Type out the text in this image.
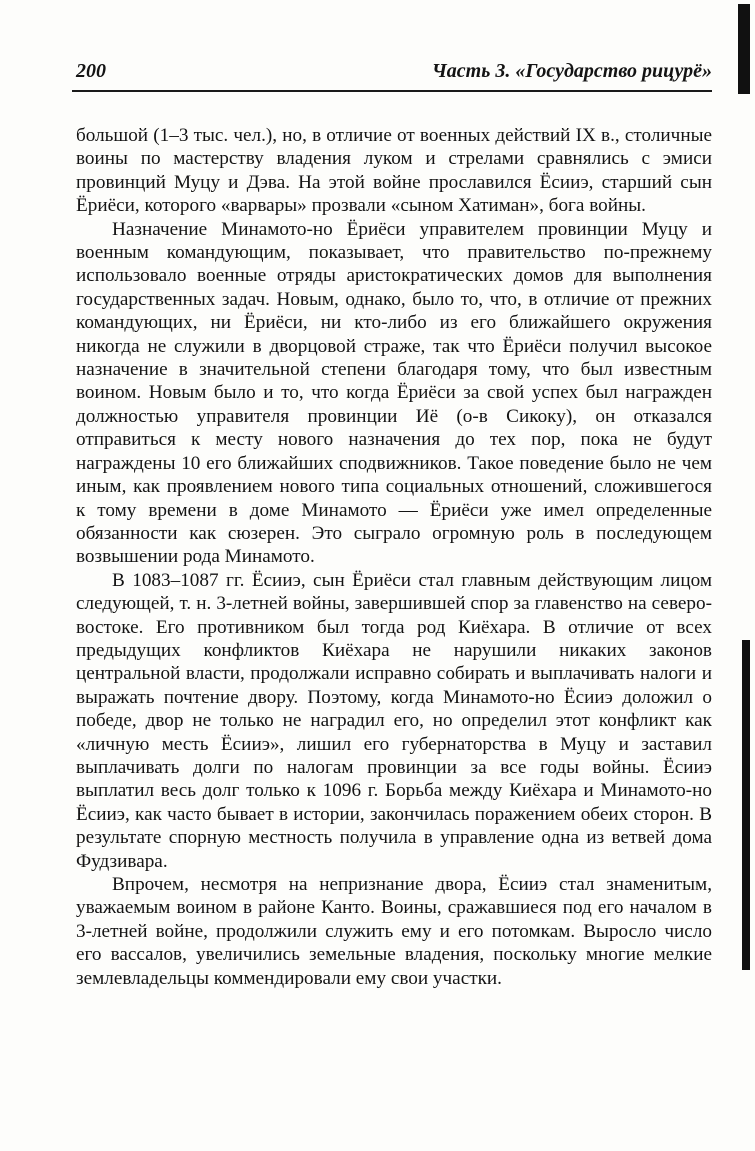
200	Часть 3. «Государство рицурё»

большой (1–3 тыс. чел.), но, в отличие от военных действий IX в., столичные воины по мастерству владения луком и стрелами сравнялись с эмиси провинций Муцу и Дэва. На этой войне прославился Ёсииэ, старший сын Ёриёси, которого «варвары» прозвали «сыном Хатиман», бога войны.

Назначение Минамото-но Ёриёси управителем провинции Муцу и военным командующим, показывает, что правительство по-прежнему использовало военные отряды аристократических домов для выполнения государственных задач. Новым, однако, было то, что, в отличие от прежних командующих, ни Ёриёси, ни кто-либо из его ближайшего окружения никогда не служили в дворцовой страже, так что Ёриёси получил высокое назначение в значительной степени благодаря тому, что был известным воином. Новым было и то, что когда Ёриёси за свой успех был награжден должностью управителя провинции Иё (о-в Сикоку), он отказался отправиться к месту нового назначения до тех пор, пока не будут награждены 10 его ближайших сподвижников. Такое поведение было не чем иным, как проявлением нового типа социальных отношений, сложившегося к тому времени в доме Минамото — Ёриёси уже имел определенные обязанности как сюзерен. Это сыграло огромную роль в последующем возвышении рода Минамото.

В 1083–1087 гг. Ёсииэ, сын Ёриёси стал главным действующим лицом следующей, т. н. 3-летней войны, завершившей спор за главенство на северо-востоке. Его противником был тогда род Киёхара. В отличие от всех предыдущих конфликтов Киёхара не нарушили никаких законов центральной власти, продолжали исправно собирать и выплачивать налоги и выражать почтение двору. Поэтому, когда Минамото-но Ёсииэ доложил о победе, двор не только не наградил его, но определил этот конфликт как «личную месть Ёсииэ», лишил его губернаторства в Муцу и заставил выплачивать долги по налогам провинции за все годы войны. Ёсииэ выплатил весь долг только к 1096 г. Борьба между Киёхара и Минамото-но Ёсииэ, как часто бывает в истории, закончилась поражением обеих сторон. В результате спорную местность получила в управление одна из ветвей дома Фудзивара.

Впрочем, несмотря на непризнание двора, Ёсииэ стал знаменитым, уважаемым воином в районе Канто. Воины, сражавшиеся под его началом в 3-летней войне, продолжили служить ему и его потомкам. Выросло число его вассалов, увеличились земельные владения, поскольку многие мелкие землевладельцы коммендировали ему свои участки.
